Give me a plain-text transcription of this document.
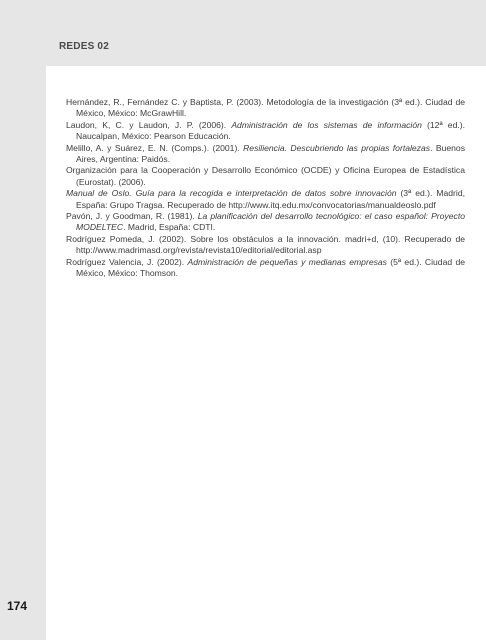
REDES 02

Hernández, R., Fernández C. y Baptista, P. (2003). Metodología de la investigación (3ª ed.). Ciudad de México, México: McGrawHill.

Laudon, K, C. y Laudon, J. P. (2006). Administración de los sistemas de información (12ª ed.). Naucalpan, México: Pearson Educación.

Melillo, A. y Suárez, E. N. (Comps.). (2001). Resiliencia. Descubriendo las propias fortalezas. Buenos Aires, Argentina: Paidós.

Organización para la Cooperación y Desarrollo Económico (OCDE) y Oficina Europea de Estadística (Eurostat). (2006).

Manual de Oslo. Guía para la recogida e interpretación de datos sobre innovación (3ª ed.). Madrid, España: Grupo Tragsa. Recuperado de http://www.itq.edu.mx/convocatorias/manualdeoslo.pdf

Pavón, J. y Goodman, R. (1981). La planificación del desarrollo tecnológico: el caso español: Proyecto MODELTEC. Madrid, España: CDTI.

Rodríguez Pomeda, J. (2002). Sobre los obstáculos a la innovación. madri+d, (10). Recuperado de http://www.madrimasd.org/revista/revista10/editorial/editorial.asp

Rodríguez Valencia, J. (2002). Administración de pequeñas y medianas empresas (5ª ed.). Ciudad de México, México: Thomson.

174
